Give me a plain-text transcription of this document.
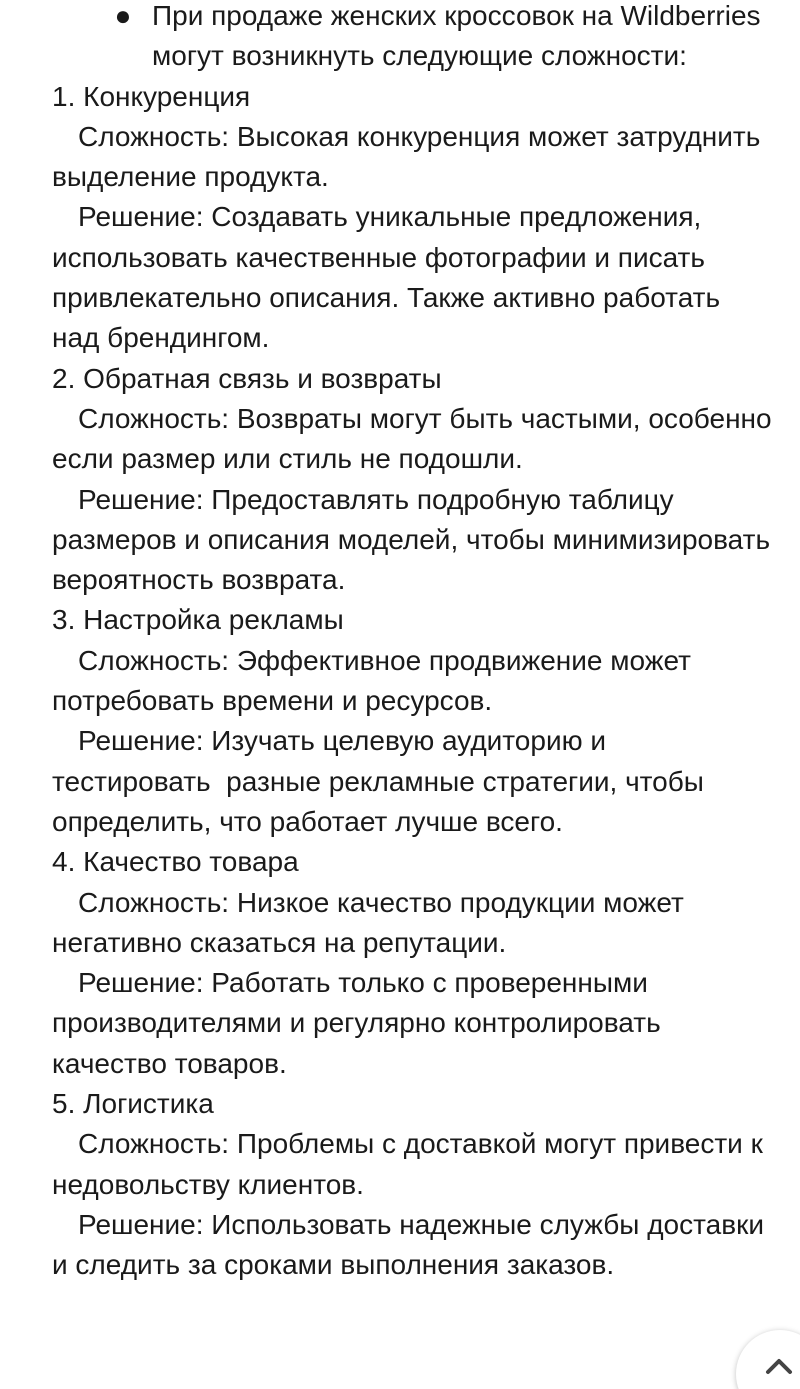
● При продаже женских кроссовок на Wildberries могут возникнуть следующие сложности:
1. Конкуренция
Сложность: Высокая конкуренция может затруднить выделение продукта.
Решение: Создавать уникальные предложения, использовать качественные фотографии и писать привлекательно описания. Также активно работать над брендингом.
2. Обратная связь и возвраты
Сложность: Возвраты могут быть частыми, особенно если размер или стиль не подошли.
Решение: Предоставлять подробную таблицу размеров и описания моделей, чтобы минимизировать вероятность возврата.
3. Настройка рекламы
Сложность: Эффективное продвижение может потребовать времени и ресурсов.
Решение: Изучать целевую аудиторию и тестировать  разные рекламные стратегии, чтобы определить, что работает лучше всего.
4. Качество товара
Сложность: Низкое качество продукции может негативно сказаться на репутации.
Решение: Работать только с проверенными производителями и регулярно контролировать качество товаров.
5. Логистика
Сложность: Проблемы с доставкой могут привести к недовольству клиентов.
Решение: Использовать надежные службы доставки и следить за сроками выполнения заказов.
